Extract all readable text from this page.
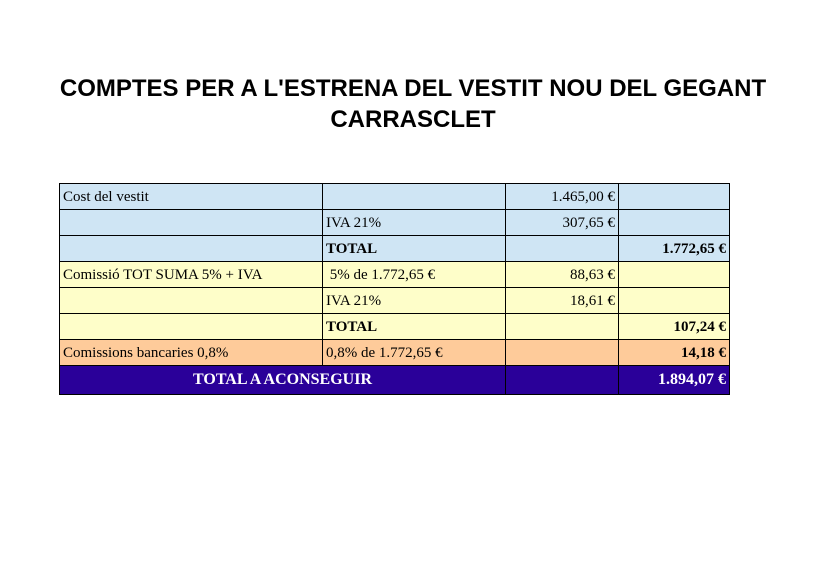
COMPTES PER A L'ESTRENA DEL VESTIT NOU DEL GEGANT CARRASCLET
Cost del vestit		1.465,00 €	
	IVA 21%	307,65 €	
	TOTAL		1.772,65 €
Comissió TOT SUMA 5% + IVA	5% de 1.772,65 €	88,63 €	
	IVA 21%	18,61 €	
	TOTAL		107,24 €
Comissions bancaries 0,8%	0,8% de 1.772,65 €		14,18 €
TOTAL A ACONSEGUIR			1.894,07 €
